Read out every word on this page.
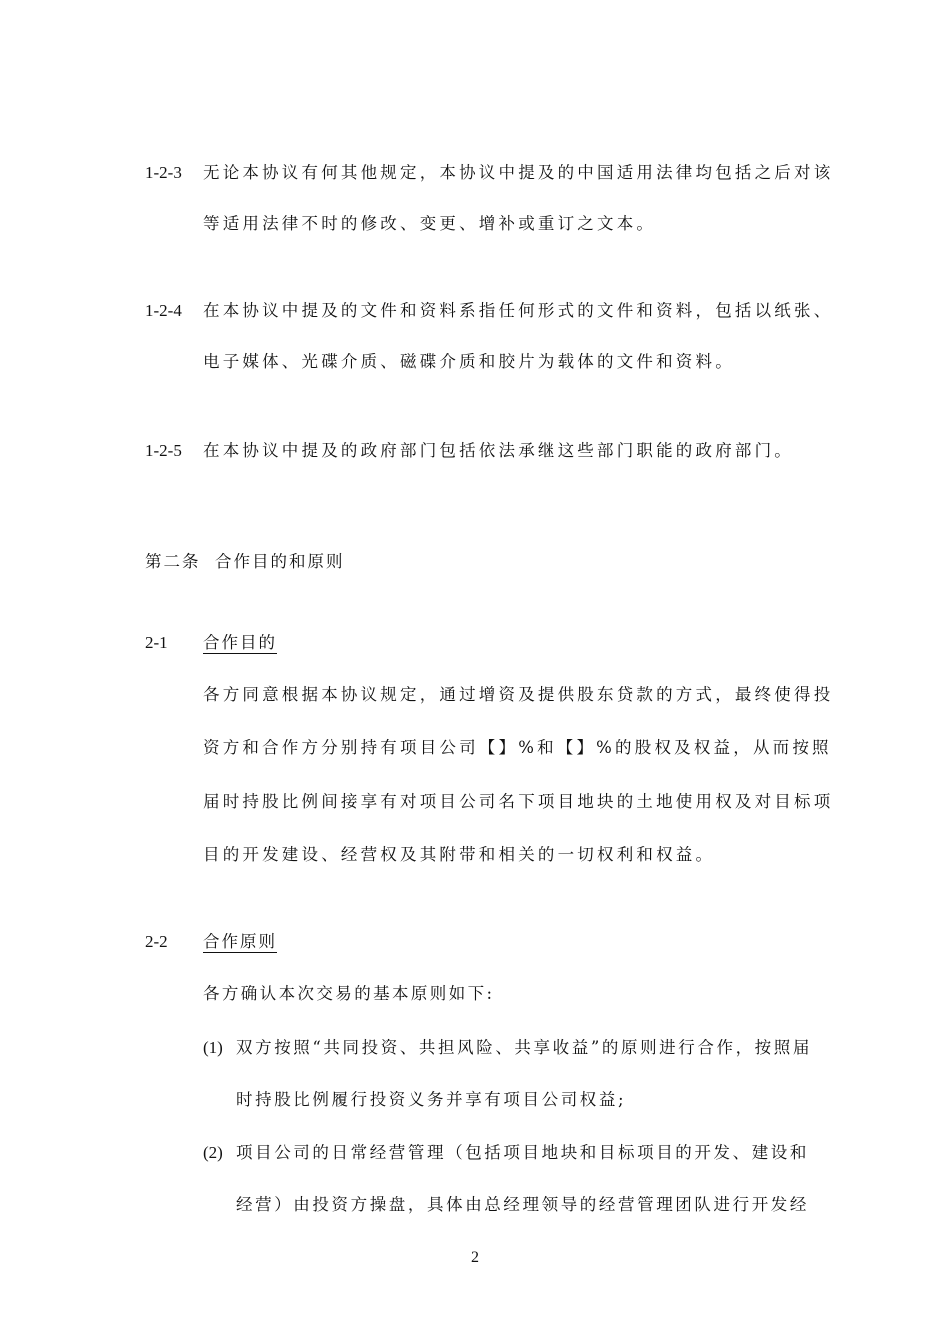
1-2-3 无论本协议有何其他规定，本协议中提及的中国适用法律均包括之后对该
等适用法律不时的修改、变更、增补或重订之文本。
1-2-4 在本协议中提及的文件和资料系指任何形式的文件和资料，包括以纸张、
电子媒体、光碟介质、磁碟介质和胶片为载体的文件和资料。
1-2-5 在本协议中提及的政府部门包括依法承继这些部门职能的政府部门。
第二条  合作目的和原则
2-1 合作目的
各方同意根据本协议规定，通过增资及提供股东贷款的方式，最终使得投
资方和合作方分别持有项目公司【】%和【】%的股权及权益，从而按照
届时持股比例间接享有对项目公司名下项目地块的土地使用权及对目标项
目的开发建设、经营权及其附带和相关的一切权利和权益。
2-2 合作原则
各方确认本次交易的基本原则如下:
(1) 双方按照“共同投资、共担风险、共享收益”的原则进行合作，按照届
时持股比例履行投资义务并享有项目公司权益;
(2) 项目公司的日常经营管理（包括项目地块和目标项目的开发、建设和
经营）由投资方操盘，具体由总经理领导的经营管理团队进行开发经
2
